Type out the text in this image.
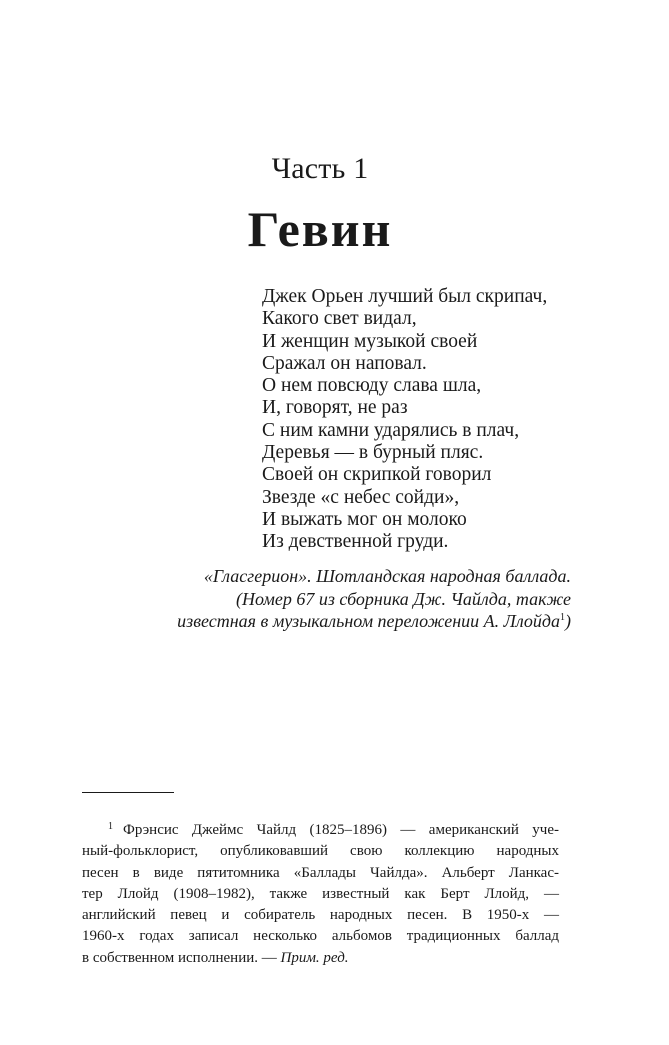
Часть 1
Гевин
Джек Орьен лучший был скрипач,
Какого свет видал,
И женщин музыкой своей
Сражал он наповал.
О нем повсюду слава шла,
И, говорят, не раз
С ним камни ударялись в плач,
Деревья — в бурный пляс.
Своей он скрипкой говорил
Звезде «с небес сойди»,
И выжать мог он молоко
Из девственной груди.
«Гласгерион». Шотландская народная баллада.
(Номер 67 из сборника Дж. Чайлда, также
известная в музыкальном переложении А. Ллойда$^1$)
$^1$ Фрэнсис Джеймс Чайлд (1825–1896) — американский уче-
ный-фольклорист, опубликовавший свою коллекцию народных
песен в виде пятитомника «Баллады Чайлда». Альберт Ланкас-
тер Ллойд (1908–1982), также известный как Берт Ллойд, —
английский певец и собиратель народных песен. В 1950-х —
1960-х годах записал несколько альбомов традиционных баллад
в собственном исполнении. — Прим. ред.
